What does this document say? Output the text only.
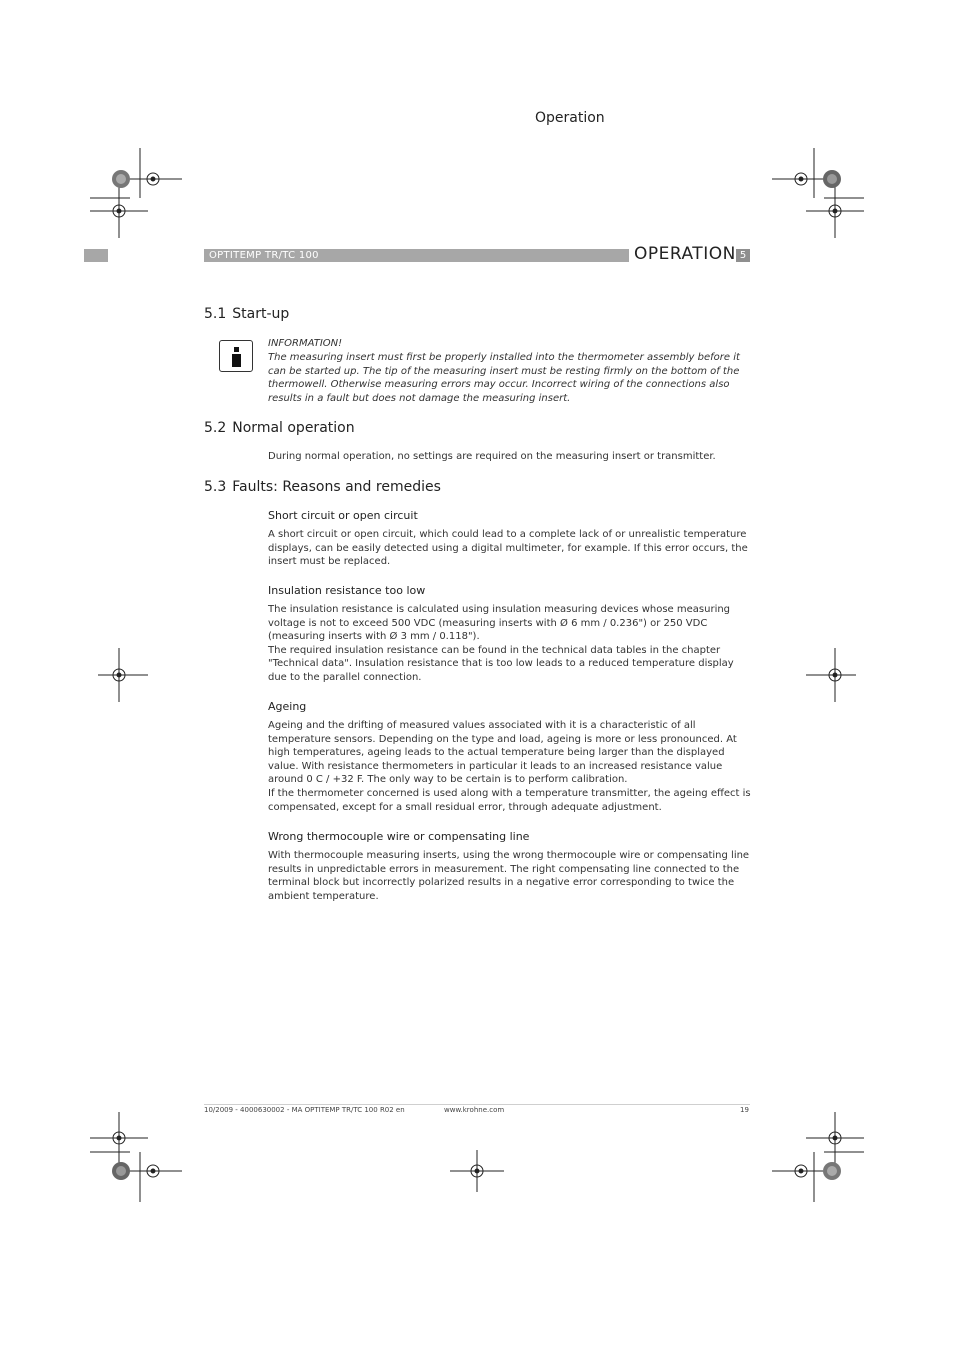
Operation
OPTITEMP TR/TC 100	OPERATION 5
5.1 Start-up
INFORMATION!

The measuring insert must first be properly installed into the thermometer assembly before it can be started up. The tip of the measuring insert must be resting firmly on the bottom of the thermowell. Otherwise measuring errors may occur. Incorrect wiring of the connections also results in a fault but does not damage the measuring insert.

5.2 Normal operation

During normal operation, no settings are required on the measuring insert or transmitter.

5.3 Faults: Reasons and remedies
Short circuit or open circuit

A short circuit or open circuit, which could lead to a complete lack of or unrealistic temperature displays, can be easily detected using a digital multimeter, for example. If this error occurs, the insert must be replaced.

Insulation resistance too low

The insulation resistance is calculated using insulation measuring devices whose measuring voltage is not to exceed 500 VDC (measuring inserts with Ø 6 mm / 0.236") or 250 VDC (measuring inserts with Ø 3 mm / 0.118").
The required insulation resistance can be found in the technical data tables in the chapter "Technical data". Insulation resistance that is too low leads to a reduced temperature display due to the parallel connection.

Ageing

Ageing and the drifting of measured values associated with it is a characteristic of all temperature sensors. Depending on the type and load, ageing is more or less pronounced. At high temperatures, ageing leads to the actual temperature being larger than the displayed value. With resistance thermometers in particular it leads to an increased resistance value around 0 C / +32 F. The only way to be certain is to perform calibration.
If the thermometer concerned is used along with a temperature transmitter, the ageing effect is compensated, except for a small residual error, through adequate adjustment.

Wrong thermocouple wire or compensating line

With thermocouple measuring inserts, using the wrong thermocouple wire or compensating line results in unpredictable errors in measurement. The right compensating line connected to the terminal block but incorrectly polarized results in a negative error corresponding to twice the ambient temperature.

10/2009 - 4000630002 - MA OPTITEMP TR/TC 100 R02 en	www.krohne.com	19
